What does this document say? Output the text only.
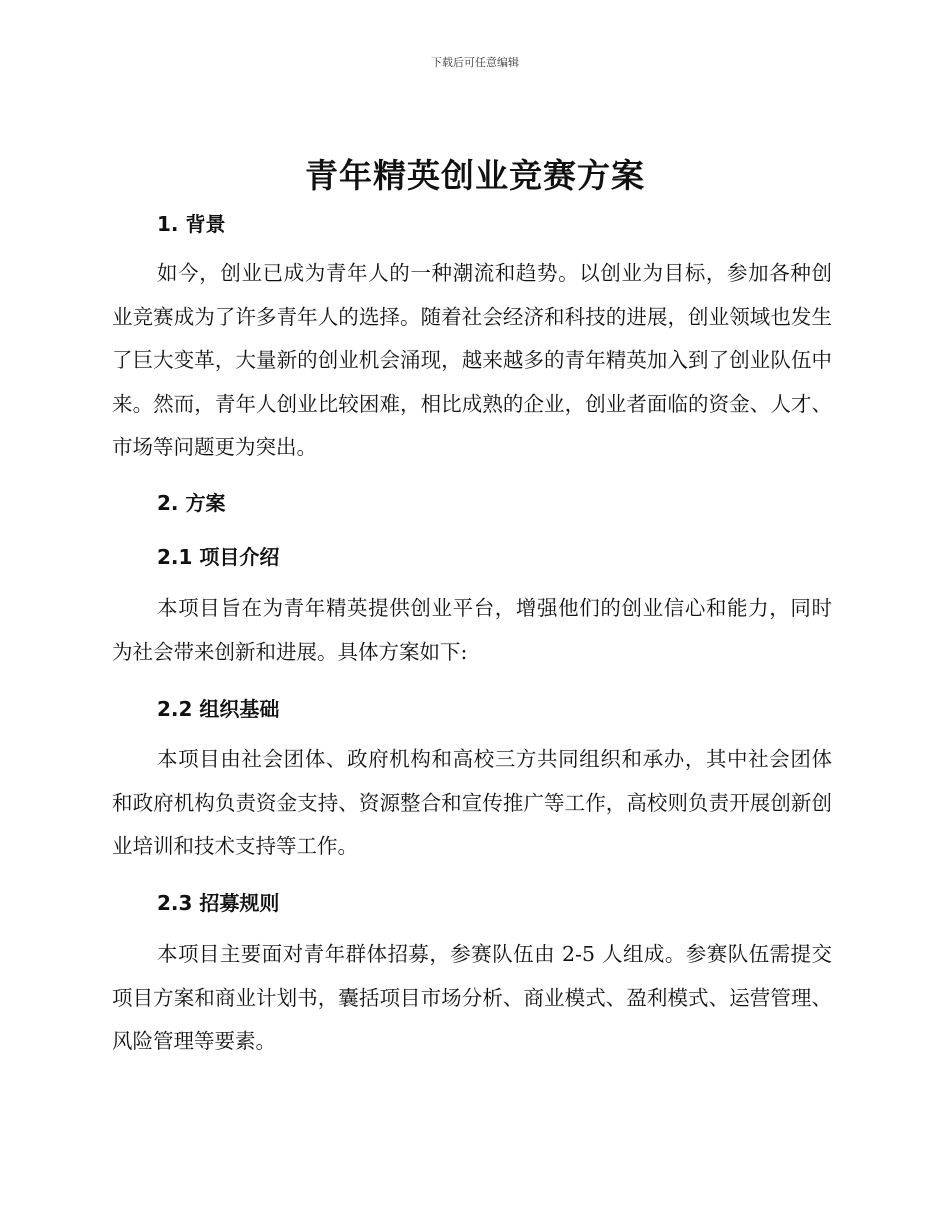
下载后可任意编辑
青年精英创业竞赛方案
1. 背景

如今，创业已成为青年人的一种潮流和趋势。以创业为目标，参加各种创业竞赛成为了许多青年人的选择。随着社会经济和科技的进展，创业领域也发生了巨大变革，大量新的创业机会涌现，越来越多的青年精英加入到了创业队伍中来。然而，青年人创业比较困难，相比成熟的企业，创业者面临的资金、人才、市场等问题更为突出。

2. 方案
2.1 项目介绍

本项目旨在为青年精英提供创业平台，增强他们的创业信心和能力，同时为社会带来创新和进展。具体方案如下:

2.2 组织基础

本项目由社会团体、政府机构和高校三方共同组织和承办，其中社会团体和政府机构负责资金支持、资源整合和宣传推广等工作，高校则负责开展创新创业培训和技术支持等工作。

2.3 招募规则

本项目主要面对青年群体招募，参赛队伍由 2-5 人组成。参赛队伍需提交项目方案和商业计划书，囊括项目市场分析、商业模式、盈利模式、运营管理、风险管理等要素。
